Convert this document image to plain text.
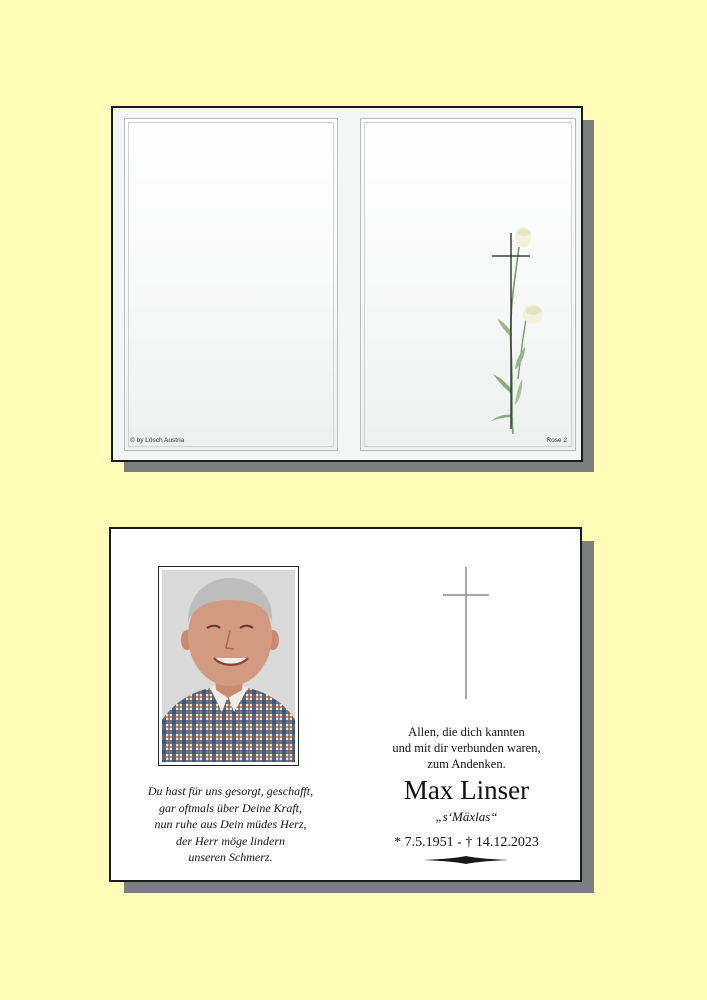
© by Lösch Austria	Rose 2
Du hast für uns gesorgt, geschafft,
gar oftmals über Deine Kraft,
nun ruhe aus Dein müdes Herz,
der Herr möge lindern
unseren Schmerz.
Allen, die dich kannten
und mit dir verbunden waren,
zum Andenken.
Max Linser
„s‘Mäxlas“
* 7.5.1951 - † 14.12.2023
